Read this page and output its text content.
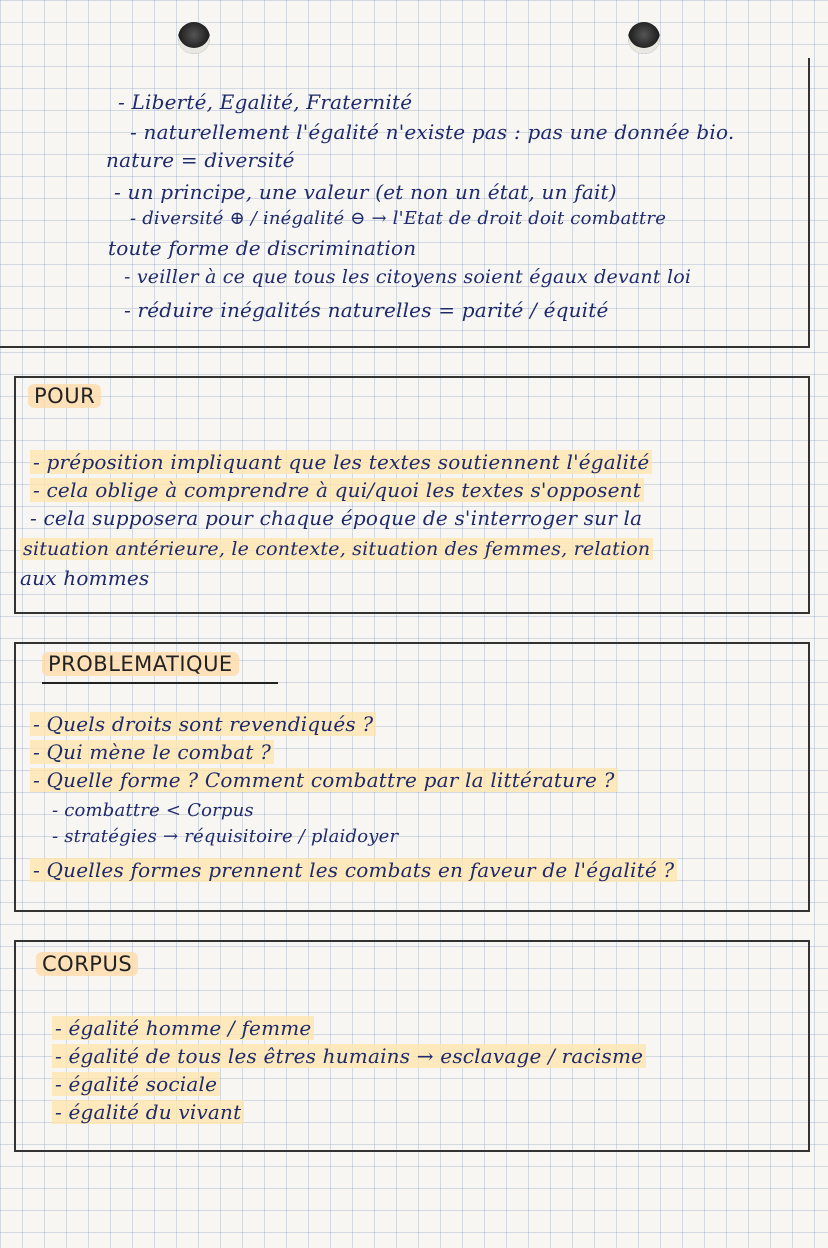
- Liberté, Egalité, Fraternité
- naturellement l'égalité n'existe pas : pas une donnée bio.
nature = diversité
- un principe, une valeur (et non un état, un fait)
- diversité ⊕ / inégalité ⊖ → l'Etat de droit doit combattre
toute forme de discrimination
- veiller à ce que tous les citoyens soient égaux devant loi
- réduire inégalités naturelles = parité / équité
POUR
- préposition impliquant que les textes soutiennent l'égalité
- cela oblige à comprendre à qui/quoi les textes s'opposent
- cela supposera pour chaque époque de s'interroger sur la
situation antérieure, le contexte, situation des femmes, relation
aux hommes
PROBLEMATIQUE
- Quels droits sont revendiqués ?
- Qui mène le combat ?
- Quelle forme ? Comment combattre par la littérature ?
- combattre < Corpus
- stratégies → réquisitoire / plaidoyer
- Quelles formes prennent les combats en faveur de l'égalité ?
CORPUS
- égalité homme / femme
- égalité de tous les êtres humains → esclavage / racisme
- égalité sociale
- égalité du vivant
